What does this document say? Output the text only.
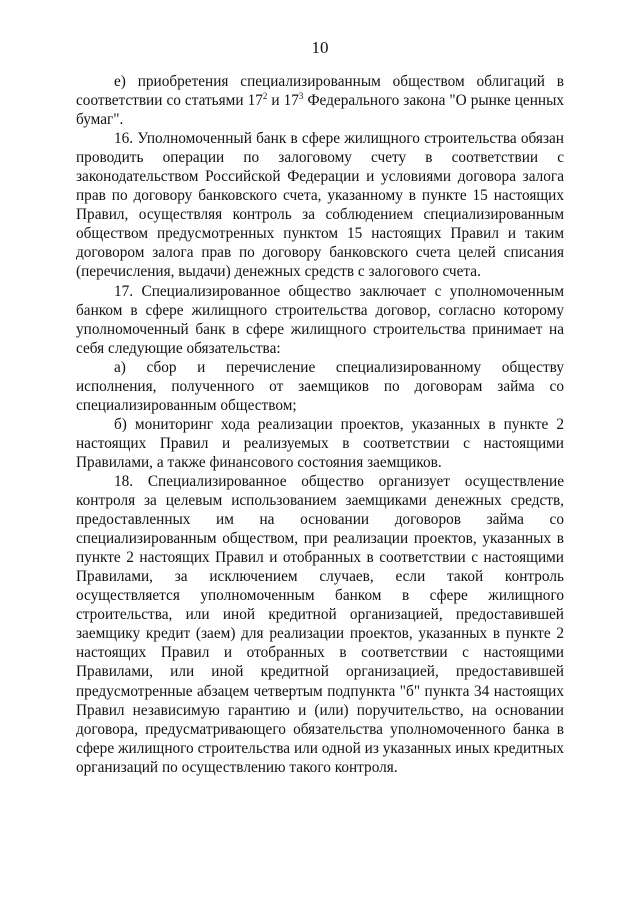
10

е) приобретения специализированным обществом облигаций в соответствии со статьями $17^2$ и $17^3$ Федерального закона "О рынке ценных бумаг".

16. Уполномоченный банк в сфере жилищного строительства обязан проводить операции по залоговому счету в соответствии с законодательством Российской Федерации и условиями договора залога прав по договору банковского счета, указанному в пункте 15 настоящих Правил, осуществляя контроль за соблюдением специализированным обществом предусмотренных пунктом 15 настоящих Правил и таким договором залога прав по договору банковского счета целей списания (перечисления, выдачи) денежных средств с залогового счета.

17. Специализированное общество заключает с уполномоченным банком в сфере жилищного строительства договор, согласно которому уполномоченный банк в сфере жилищного строительства принимает на себя следующие обязательства:

а) сбор и перечисление специализированному обществу исполнения, полученного от заемщиков по договорам займа со специализированным обществом;

б) мониторинг хода реализации проектов, указанных в пункте 2 настоящих Правил и реализуемых в соответствии с настоящими Правилами, а также финансового состояния заемщиков.

18. Специализированное общество организует осуществление контроля за целевым использованием заемщиками денежных средств, предоставленных им на основании договоров займа со специализированным обществом, при реализации проектов, указанных в пункте 2 настоящих Правил и отобранных в соответствии с настоящими Правилами, за исключением случаев, если такой контроль осуществляется уполномоченным банком в сфере жилищного строительства, или иной кредитной организацией, предоставившей заемщику кредит (заем) для реализации проектов, указанных в пункте 2 настоящих Правил и отобранных в соответствии с настоящими Правилами, или иной кредитной организацией, предоставившей предусмотренные абзацем четвертым подпункта "б" пункта 34 настоящих Правил независимую гарантию и (или) поручительство, на основании договора, предусматривающего обязательства уполномоченного банка в сфере жилищного строительства или одной из указанных иных кредитных организаций по осуществлению такого контроля.
